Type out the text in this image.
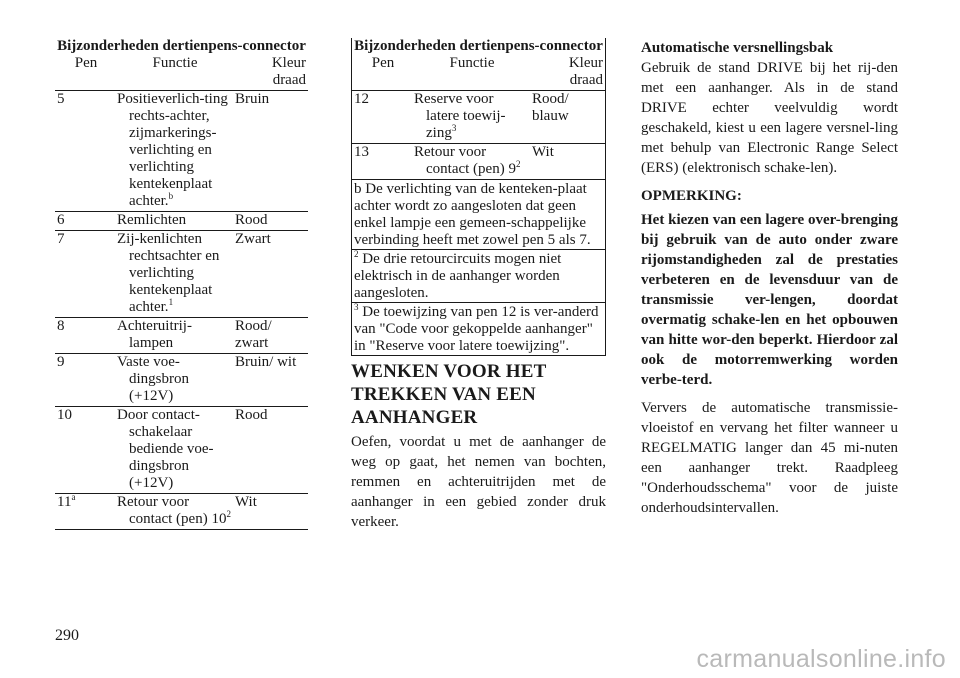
Bijzonderheden dertienpens-connector		
Pen	Functie	Kleur draad
5	Positieverlich-ting rechts-achter, zijmarkerings-verlichting en verlichting kentekenplaat achter.$^b$	Bruin
6	Remlichten	Rood
7	Zij-kenlichten rechtsachter en verlichting kentekenplaat achter.$^1$	Zwart
8	Achteruitrij-lampen	Rood/ zwart
9	Vaste voe-dingsbron (+12V)	Bruin/ wit
10	Door contact-schakelaar bediende voe-dingsbron (+12V)	Rood
11$^a$	Retour voor contact (pen) $10^2$	Wit
Bijzonderheden dertienpens-connector		
Pen	Functie	Kleur draad
12	Reserve voor latere toewij-zing$^3$	Rood/ blauw
13	Retour voor contact (pen) $9^2$	Wit
b De verlichting van de kenteken-plaat achter wordt zo aangesloten dat geen enkel lampje een gemeen-schappelijke verbinding heeft met zowel pen 5 als 7.
$^2$ De drie retourcircuits mogen niet elektrisch in de aanhanger worden aangesloten.
$^3$ De toewijzing van pen 12 is ver-anderd van "Code voor gekoppelde aanhanger" in "Reserve voor latere toewijzing".
WENKEN VOOR HET TREKKEN VAN EEN AANHANGER

Oefen, voordat u met de aanhanger de weg op gaat, het nemen van bochten, remmen en achteruitrijden met de aanhanger in een gebied zonder druk verkeer.

Automatische versnellingsbak

Gebruik de stand DRIVE bij het rij-den met een aanhanger. Als in de stand DRIVE echter veelvuldig wordt geschakeld, kiest u een lagere versnel-ling met behulp van Electronic Range Select (ERS) (elektronisch schake-len).

OPMERKING:

Het kiezen van een lagere over-brenging bij gebruik van de auto onder zware rijomstandigheden zal de prestaties verbeteren en de levensduur van de transmissie ver-lengen, doordat overmatig schake-len en het opbouwen van hitte wor-den beperkt. Hierdoor zal ook de motorremwerking worden verbe-terd.

Ververs de automatische transmissie-vloeistof en vervang het filter wanneer u REGELMATIG langer dan 45 mi-nuten een aanhanger trekt. Raadpleeg "Onderhoudsschema" voor de juiste onderhoudsintervallen.

290
carmanualsonline.info
